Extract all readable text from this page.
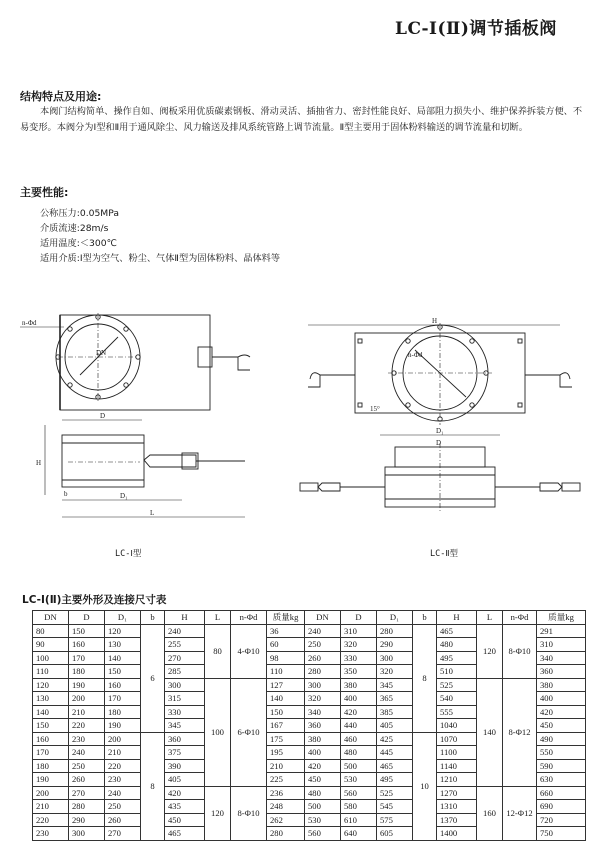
LC-Ⅰ(Ⅱ)调节插板阀
结构特点及用途:
本阀门结构简单、操作自如、阀板采用优质碳素钢板、滑动灵活、插抽省力、密封性能良好、局部阻力损失小、维护保养拆装方便、不易变形。本阀分为Ⅰ型和Ⅱ用于通风除尘、风力输送及排风系统管路上调节流量。Ⅱ型主要用于固体粉料输送的调节流量和切断。
主要性能:
公称压力:0.05MPa
介质流速:28m/s
适用温度:＜300℃
适用介质:Ⅰ型为空气、粉尘、气体Ⅱ型为固体粉料、晶体料等
n-Φd
DN
D
H
D₁
L
b
H
n-Φd
15°
D₁
D
LC-Ⅰ型	LC-Ⅱ型
LC-Ⅰ(Ⅱ)主要外形及连接尺寸表
DN	D	D₁	b	H	L	n-Φd	质量kg	DN	D	D₁	b	H	L	n-Φd	质量kg
80	150	120	6	240	80	4-Φ10	36	240	310	280	8	465	120	8-Φ10	291
90	160	130		255			60	250	320	290		480			310
100	170	140		270			98	260	330	300		495			340
110	180	150		285			110	280	350	320		510			360
120	190	160		300	100	6-Φ10	127	300	380	345		525	140	8-Φ12	380
130	200	170		315			140	320	400	365		540			400
140	210	180		330			150	340	420	385		555			420
150	220	190		345			167	360	440	405		1040			450
160	230	200	8	360			175	380	460	425	10	1070			490
170	240	210		375			195	400	480	445		1100			550
180	250	220		390			210	420	500	465		1140			590
190	260	230		405			225	450	530	495		1210			630
200	270	240		420	120	8-Φ10	236	480	560	525		1270	160	12-Φ12	660
210	280	250		435			248	500	580	545		1310			690
220	290	260		450			262	530	610	575		1370			720
230	300	270		465			280	560	640	605		1400			750
